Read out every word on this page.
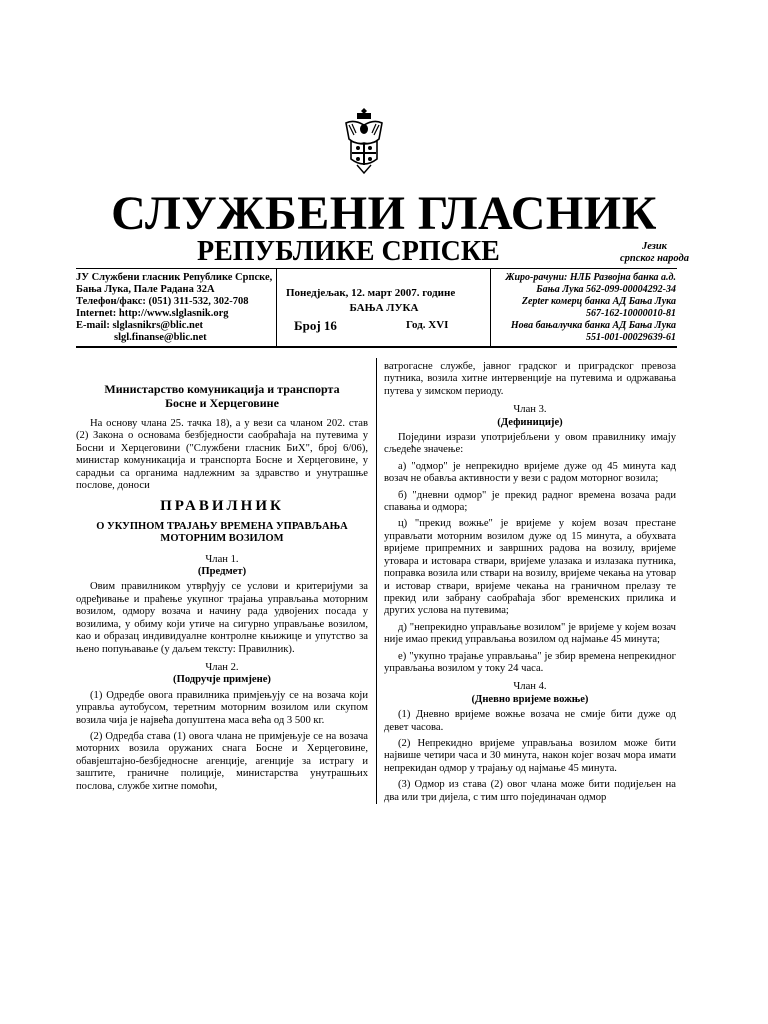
СЛУЖБЕНИ ГЛАСНИК
РЕПУБЛИКЕ СРПСКЕ	Језик
српског народа
ЈУ Службени гласник Републике Српске,
Бања Лука, Пале Радана 32А
Телефон/факс: (051) 311-532, 302-708
Internet: http://www.slglasnik.org
E-mail: slglasnikrs@blic.net
slgl.finanse@blic.net
Понедјељак, 12. март 2007. године
БАЊА ЛУКА
Број 16	Год. XVI
Жиро-рачуни: НЛБ Развојна банка а.д.
Бања Лука 562-099-00004292-34
Zepter комерц банка АД Бања Лука
567-162-10000010-81
Нова бањалучка банка АД Бања Лука
551-001-00029639-61

Министарство комуникација и транспорта

Босне и Херцеговине

На основу члана 25. тачка 18), а у вези са чланом 202. став (2) Закона о основама безбједности саобраћаја на путевима у Босни и Херцеговини ("Службени гласник БиХ", број 6/06), министар комуникација и транспорта Босне и Херцеговине, у сарадњи са органима надлежним за здравство и унутрашње послове, доноси

ПРАВИЛНИК

О УКУПНОМ ТРАЈАЊУ ВРЕМЕНА УПРАВЉАЊА
МОТОРНИМ ВОЗИЛОМ

Члан 1.

(Предмет)

Овим правилником утврђују се услови и критеријуми за одређивање и праћење укупног трајања управљања моторним возилом, одмору возача и начину рада удвојених посада у возилима, у обиму који утиче на сигурно управљање возилом, као и образац индивидуалне контролне књижице и упутство за њено попуњавање (у даљем тексту: Правилник).

Члан 2.

(Подручје примјене)

(1) Одредбе овога правилника примјењују се на возача који управља аутобусом, теретним моторним возилом или скупом возила чија је највећа допуштена маса већа од 3 500 кг.

(2) Одредба става (1) овога члана не примјењује се на возача моторних возила оружаних снага Босне и Херцеговине, обавјештајно-безбједносне агенције, агенције за истрагу и заштите, граничне полиције, министарства унутрашњих послова, службе хитне помоћи,

ватрогасне службе, јавног градског и приградског превоза путника, возила хитне интервенције на путевима и одржавања путева у зимском периоду.

Члан 3.

(Дефиниције)

Поједини изрази употријебљени у овом правилнику имају сљедеће значење:

а) "одмор" је непрекидно вријеме дуже од 45 минута кад возач не обавља активности у вези с радом моторног возила;

б) "дневни одмор" је прекид радног времена возача ради спавања и одмора;

ц) "прекид вожње" је вријеме у којем возач престане управљати моторним возилом дуже од 15 минута, а обухвата вријеме припремних и завршних радова на возилу, вријеме утовара и истовара ствари, вријеме улазака и излазака путника, поправка возила или ствари на возилу, вријеме чекања на утовар и истовар ствари, вријеме чекања на граничном прелазу те прекид или забрану саобраћаја због временских прилика и других услова на путевима;

д) "непрекидно управљање возилом" је вријеме у којем возач није имао прекид управљања возилом од најмање 45 минута;

е) "укупно трајање управљања" је збир времена непрекидног управљања возилом у току 24 часа.

Члан 4.

(Дневно вријеме вожње)

(1) Дневно вријеме вожње возача не смије бити дуже од девет часова.

(2) Непрекидно вријеме управљања возилом може бити највише четири часа и 30 минута, након којег возач мора имати непрекидан одмор у трајању од најмање 45 минута.

(3) Одмор из става (2) овог члана може бити подијељен на два или три дијела, с тим што појединачан одмор
